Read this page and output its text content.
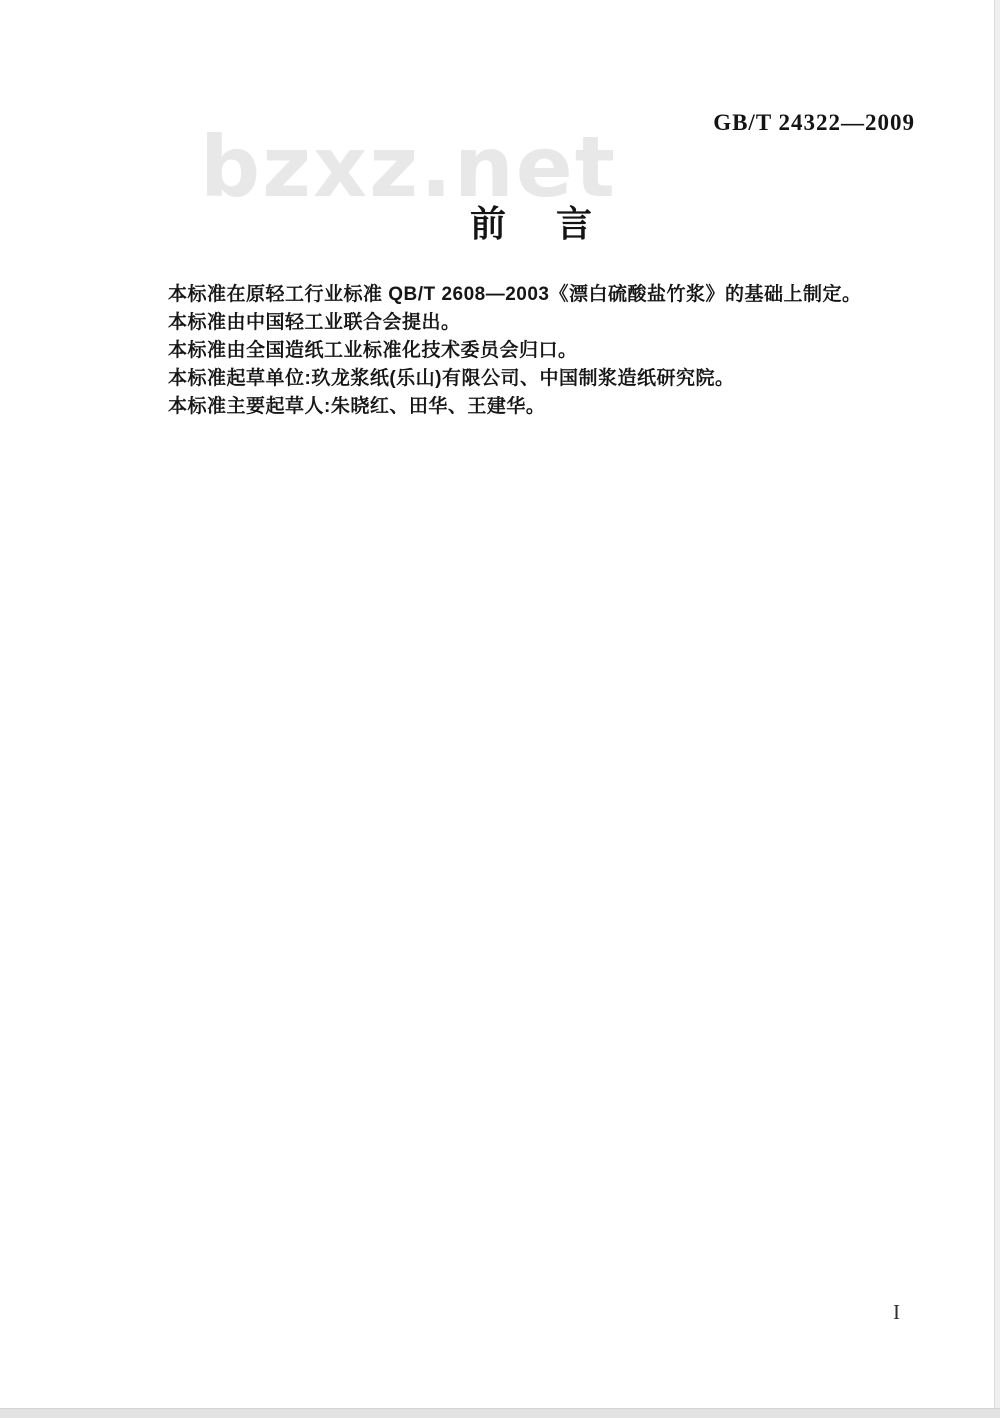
bzxz.net	GB/T 24322—2009
前言

本标准在原轻工行业标准 QB/T 2608—2003《漂白硫酸盐竹浆》的基础上制定。

本标准由中国轻工业联合会提出。

本标准由全国造纸工业标准化技术委员会归口。

本标准起草单位:玖龙浆纸(乐山)有限公司、中国制浆造纸研究院。

本标准主要起草人:朱晓红、田华、王建华。

I
